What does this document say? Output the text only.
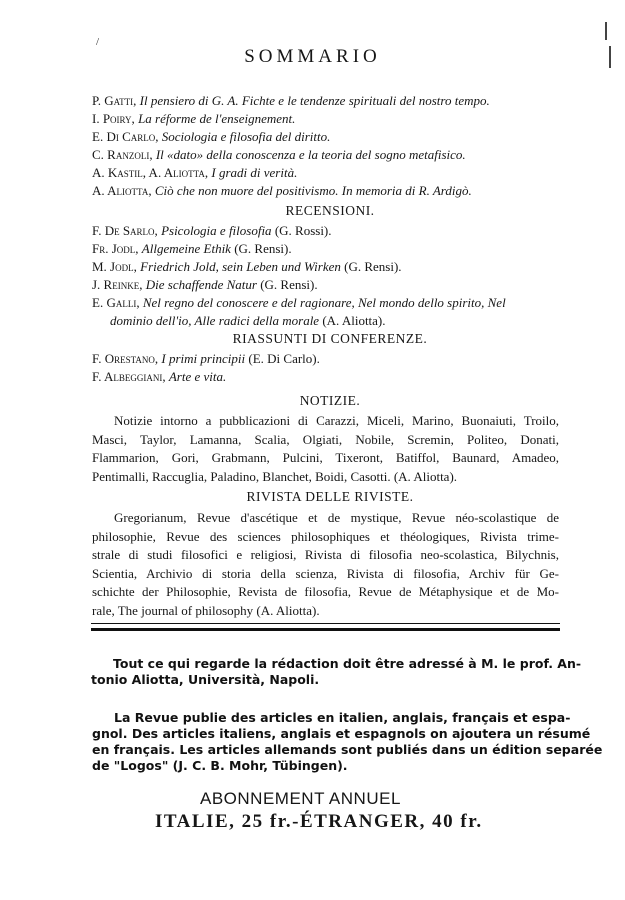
/
SOMMARIO
P. Gatti, Il pensiero di G. A. Fichte e le tendenze spirituali del nostro tempo.
I. Poiry, La réforme de l'enseignement.
E. Di Carlo, Sociologia e filosofia del diritto.
C. Ranzoli, Il «dato» della conoscenza e la teoria del sogno metafisico.
A. Kastil, A. Aliotta, I gradi di verità.
A. Aliotta, Ciò che non muore del positivismo. In memoria di R. Ardigò.
RECENSIONI.
F. De Sarlo, Psicologia e filosofia (G. Rossi).
Fr. Jodl, Allgemeine Ethik (G. Rensi).
M. Jodl, Friedrich Jold, sein Leben und Wirken (G. Rensi).
J. Reinke, Die schaffende Natur (G. Rensi).
E. Galli, Nel regno del conoscere e del ragionare, Nel mondo dello spirito, Nel
dominio dell'io, Alle radici della morale (A. Aliotta).
RIASSUNTI DI CONFERENZE.
F. Orestano, I primi principii (E. Di Carlo).
F. Albeggiani, Arte e vita.
NOTIZIE.
Notizie intorno a pubblicazioni di Carazzi, Miceli, Marino, Buonaiuti, Troilo,
Masci, Taylor, Lamanna, Scalia, Olgiati, Nobile, Scremin, Politeo, Donati,
Flammarion, Gori, Grabmann, Pulcini, Tixeront, Batiffol, Baunard, Amadeo,
Pentimalli, Raccuglia, Paladino, Blanchet, Boidi, Casotti. (A. Aliotta).
RIVISTA DELLE RIVISTE.
Gregorianum, Revue d'ascétique et de mystique, Revue néo-scolastique de
philosophie, Revue des sciences philosophiques et théologiques, Rivista trime-
strale di studi filosofici e religiosi, Rivista di filosofia neo-scolastica, Bilychnis,
Scientia, Archivio di storia della scienza, Rivista di filosofia, Archiv für Ge-
schichte der Philosophie, Revista de filosofia, Revue de Métaphysique et de Mo-
rale, The journal of philosophy (A. Aliotta).
Tout ce qui regarde la rédaction doit être adressé à M. le prof. An-
tonio Aliotta, Università, Napoli.
La Revue publie des articles en italien, anglais, français et espa-
gnol. Des articles italiens, anglais et espagnols on ajoutera un résumé
en français. Les articles allemands sont publiés dans un édition separée
de "Logos" (J. C. B. Mohr, Tübingen).
ABONNEMENT ANNUEL
ITALIE, 25 fr.-ÉTRANGER, 40 fr.
